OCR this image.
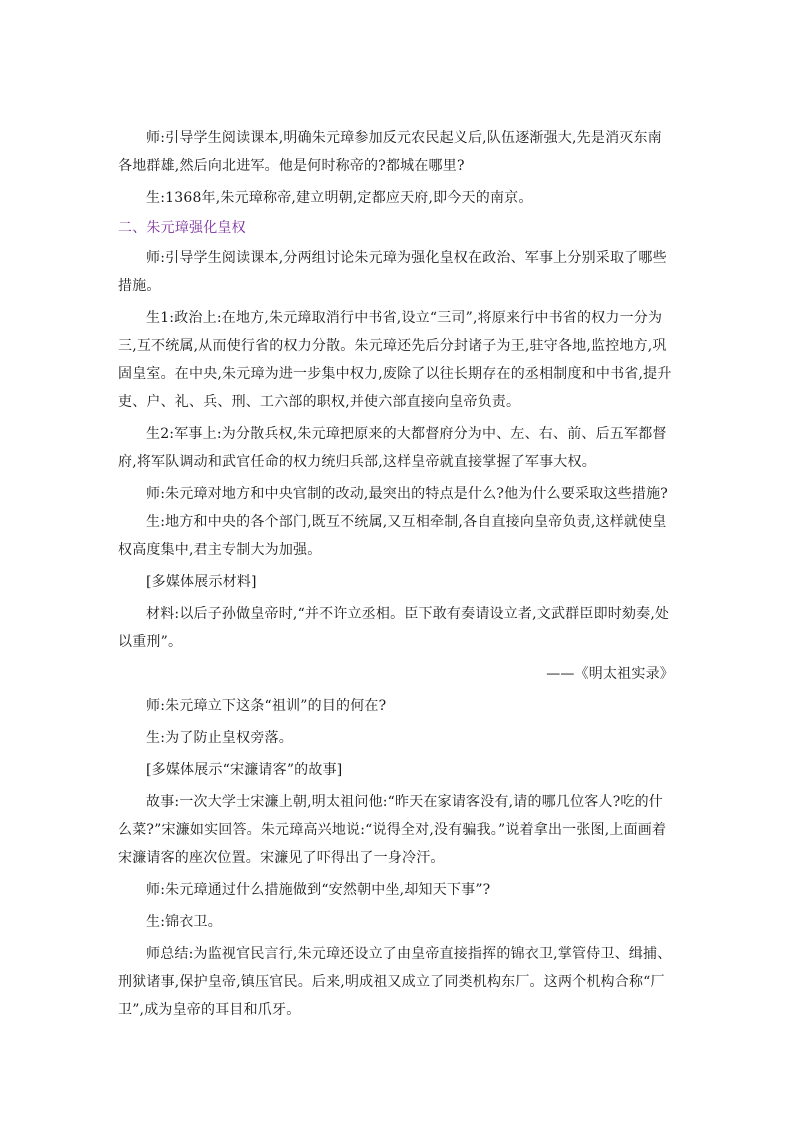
师:引导学生阅读课本,明确朱元璋参加反元农民起义后,队伍逐渐强大,先是消灭东南各地群雄,然后向北进军。他是何时称帝的?都城在哪里?

生:1368年,朱元璋称帝,建立明朝,定都应天府,即今天的南京。

二、朱元璋强化皇权

师:引导学生阅读课本,分两组讨论朱元璋为强化皇权在政治、军事上分别采取了哪些措施。

生1:政治上:在地方,朱元璋取消行中书省,设立“三司”,将原来行中书省的权力一分为三,互不统属,从而使行省的权力分散。朱元璋还先后分封诸子为王,驻守各地,监控地方,巩固皇室。在中央,朱元璋为进一步集中权力,废除了以往长期存在的丞相制度和中书省,提升吏、户、礼、兵、刑、工六部的职权,并使六部直接向皇帝负责。

生2:军事上:为分散兵权,朱元璋把原来的大都督府分为中、左、右、前、后五军都督府,将军队调动和武官任命的权力统归兵部,这样皇帝就直接掌握了军事大权。

师:朱元璋对地方和中央官制的改动,最突出的特点是什么?他为什么要采取这些措施?

生:地方和中央的各个部门,既互不统属,又互相牵制,各自直接向皇帝负责,这样就使皇权高度集中,君主专制大为加强。

[多媒体展示材料]

材料:以后子孙做皇帝时,“并不许立丞相。臣下敢有奏请设立者,文武群臣即时劾奏,处以重刑”。

——《明太祖实录》

师:朱元璋立下这条“祖训”的目的何在?

生:为了防止皇权旁落。

[多媒体展示“宋濂请客”的故事]

故事:一次大学士宋濂上朝,明太祖问他:“昨天在家请客没有,请的哪几位客人?吃的什么菜?”宋濂如实回答。朱元璋高兴地说:“说得全对,没有骗我。”说着拿出一张图,上面画着宋濂请客的座次位置。宋濂见了吓得出了一身冷汗。

师:朱元璋通过什么措施做到“安然朝中坐,却知天下事”?

生:锦衣卫。

师总结:为监视官民言行,朱元璋还设立了由皇帝直接指挥的锦衣卫,掌管侍卫、缉捕、刑狱诸事,保护皇帝,镇压官民。后来,明成祖又成立了同类机构东厂。这两个机构合称“厂卫”,成为皇帝的耳目和爪牙。
